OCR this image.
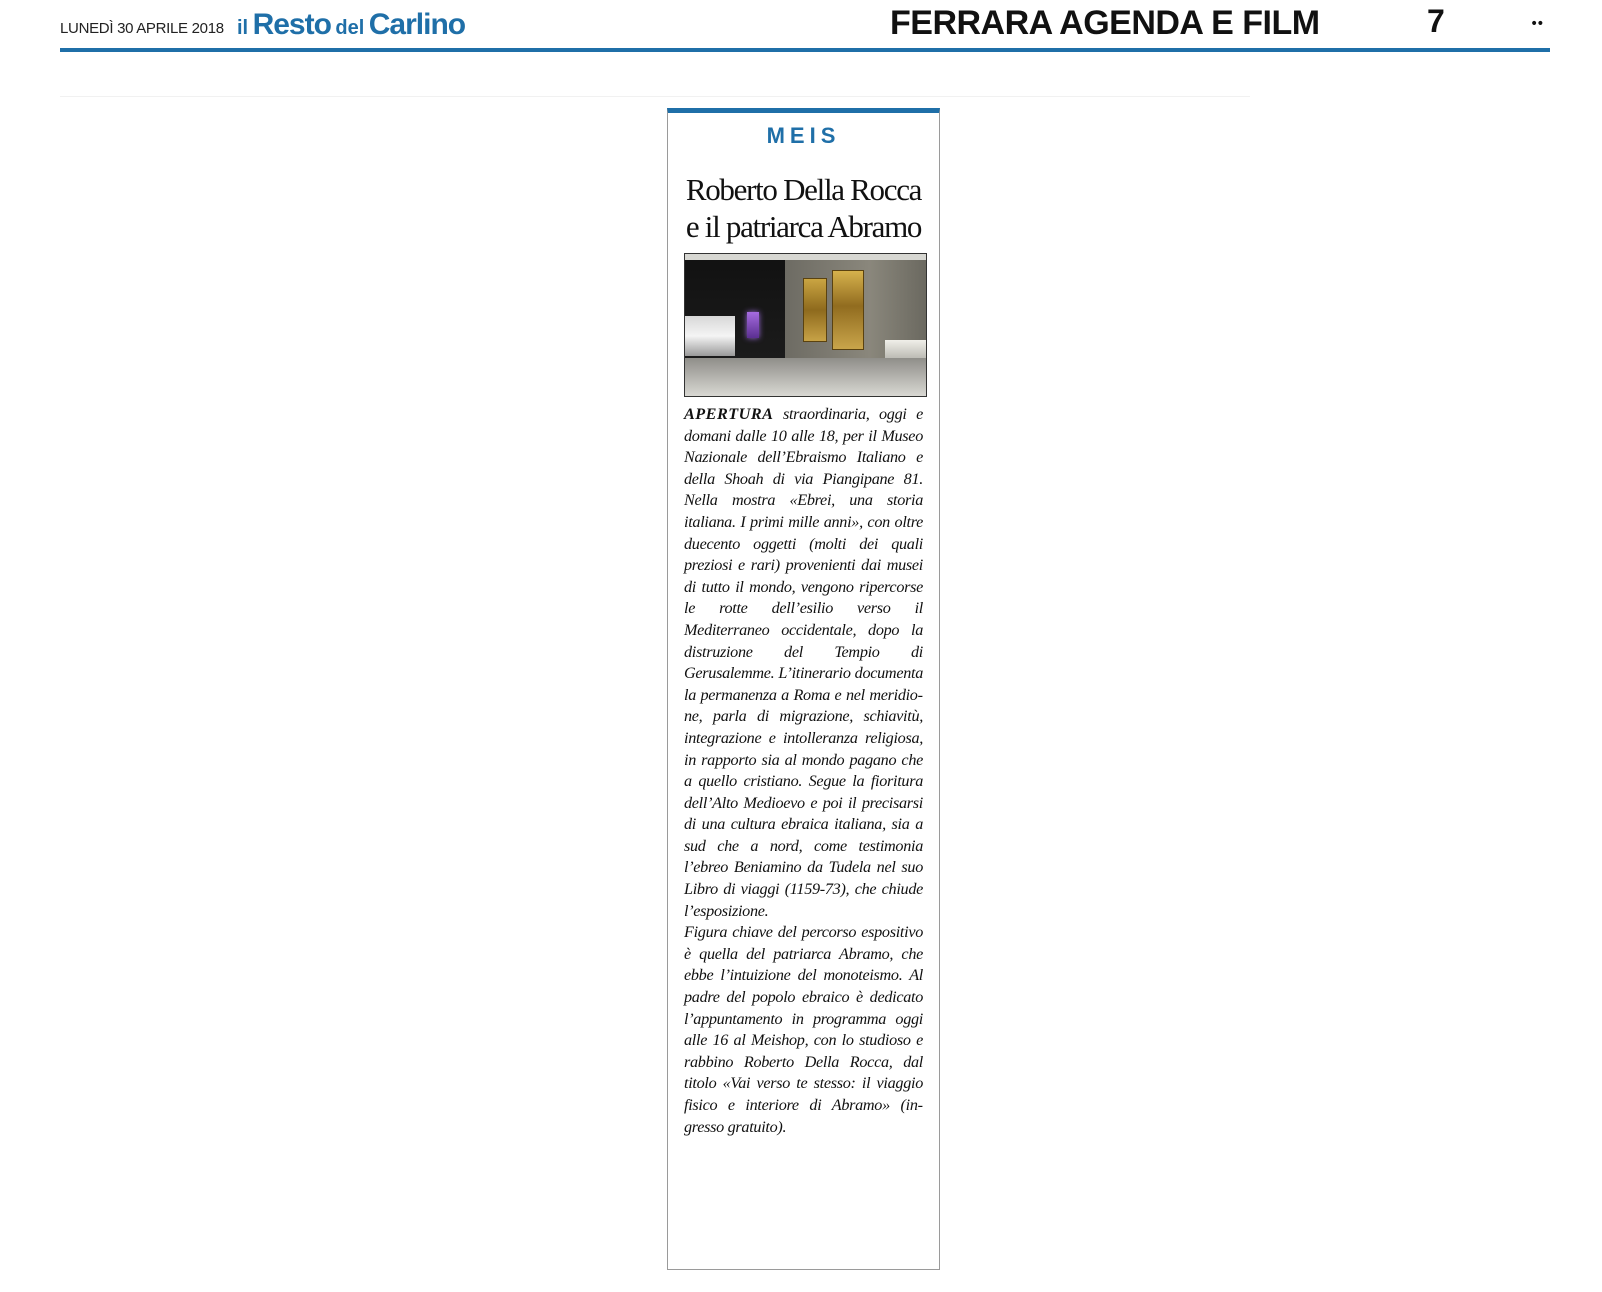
LUNEDÌ 30 APRILE 2018 il Resto del Carlino	FERRARA AGENDA E FILM	7	••
MEIS
Roberto Della Rocca
e il patriarca Abramo

APERTURA straordinaria, oggi e domani dalle 10 alle 18, per il Museo Nazionale dell’Ebraismo Italiano e della Shoah di via Piangipane 81. Nella mostra «Ebrei, una storia italiana. I primi mille anni», con oltre duecento oggetti (molti dei quali preziosi e rari) provenienti dai musei di tutto il mondo, vengono ripercorse le rotte dell’esilio verso il Mediterraneo occidentale, dopo la distruzione del Tempio di Gerusalemme. L’itinerario documenta la permanenza a Roma e nel meridione, parla di migrazione, schiavitù, integrazione e intolleranza religiosa, in rapporto sia al mondo pagano che a quello cristiano. Segue la fioritura dell’Alto Medioevo e poi il precisarsi di una cultura ebraica italiana, sia a sud che a nord, come testimonia l’ebreo Beniamino da Tudela nel suo Libro di viaggi (1159-73), che chiude l’esposizione.

Figura chiave del percorso espositivo è quella del patriarca Abramo, che ebbe l’intuizione del monoteismo. Al padre del popolo ebraico è dedicato l’appuntamento in programma oggi alle 16 al Meishop, con lo studioso e rabbino Roberto Della Rocca, dal titolo «Vai verso te stesso: il viaggio fisico e interiore di Abramo» (ingresso gratuito).
